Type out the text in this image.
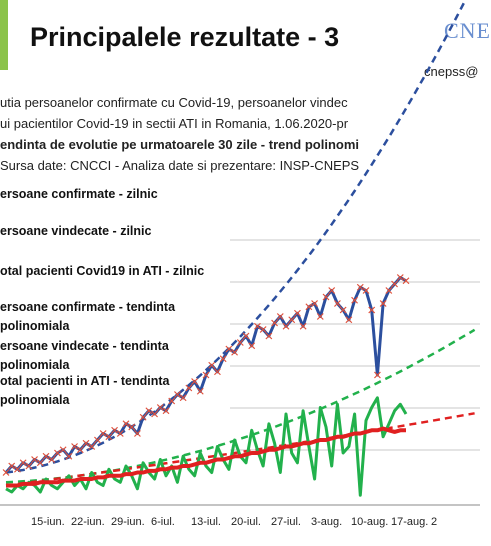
Principalele rezultate - 3	CNE
cnepss@
utia persoanelor confirmate cu Covid-19, persoanelor vindec
ui pacientilor Covid-19 in sectii ATI in Romania, 1.06.2020-pr
endinta de evolutie pe urmatoarele 30 zile - trend polinomi
Sursa date: CNCCI - Analiza date si prezentare: INSP-CNEPS
15-iun. 22-iun. 29-iun. 6-iul. 13-iul. 20-iul. 27-iul. 3-aug. 10-aug. 17-aug. 2
ersoane confirmate - zilnic
ersoane vindecate - zilnic
otal pacienti Covid19 in ATI - zilnic
ersoane confirmate - tendinta polinomiala
ersoane vindecate - tendinta polinomiala
otal pacienti in ATI - tendinta polinomiala
